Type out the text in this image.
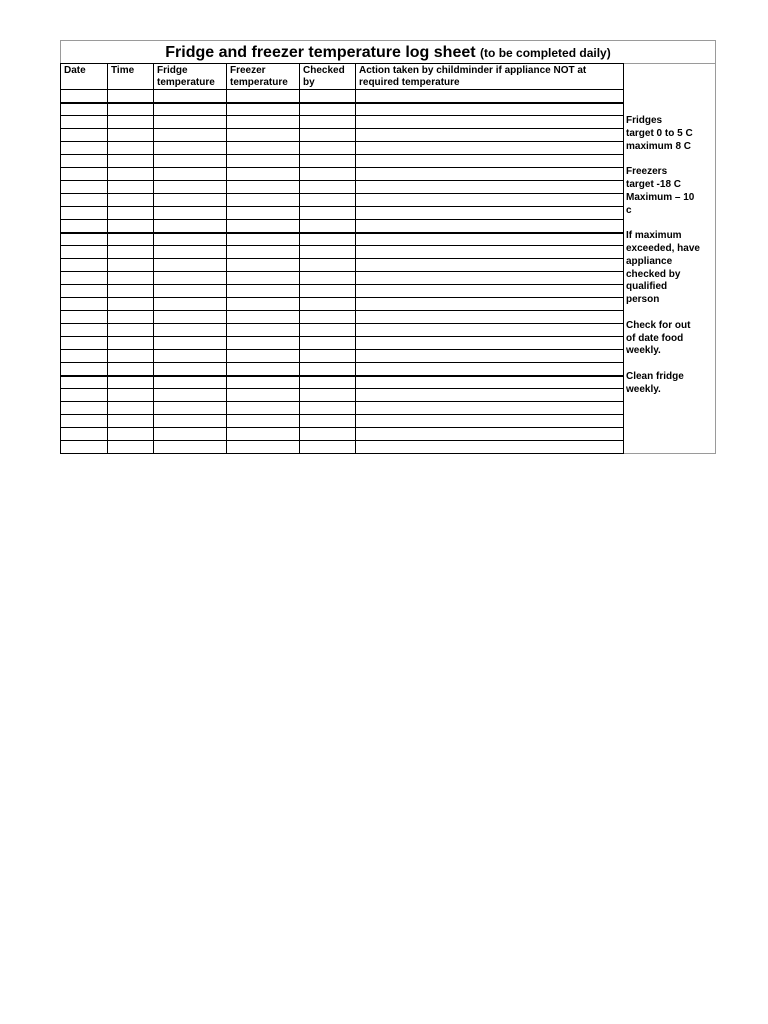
Fridge and freezer temperature log sheet (to be completed daily)
Date	Time	Fridge temperature	Freezer temperature	Checked by	Action taken by childminder if appliance NOT at required temperature

Fridges
target 0 to 5 C
maximum 8 C

Freezers
target -18 C
Maximum – 10
c

If maximum
exceeded, have
appliance
checked by
qualified
person

Check for out
of date food
weekly.

Clean fridge
weekly.
